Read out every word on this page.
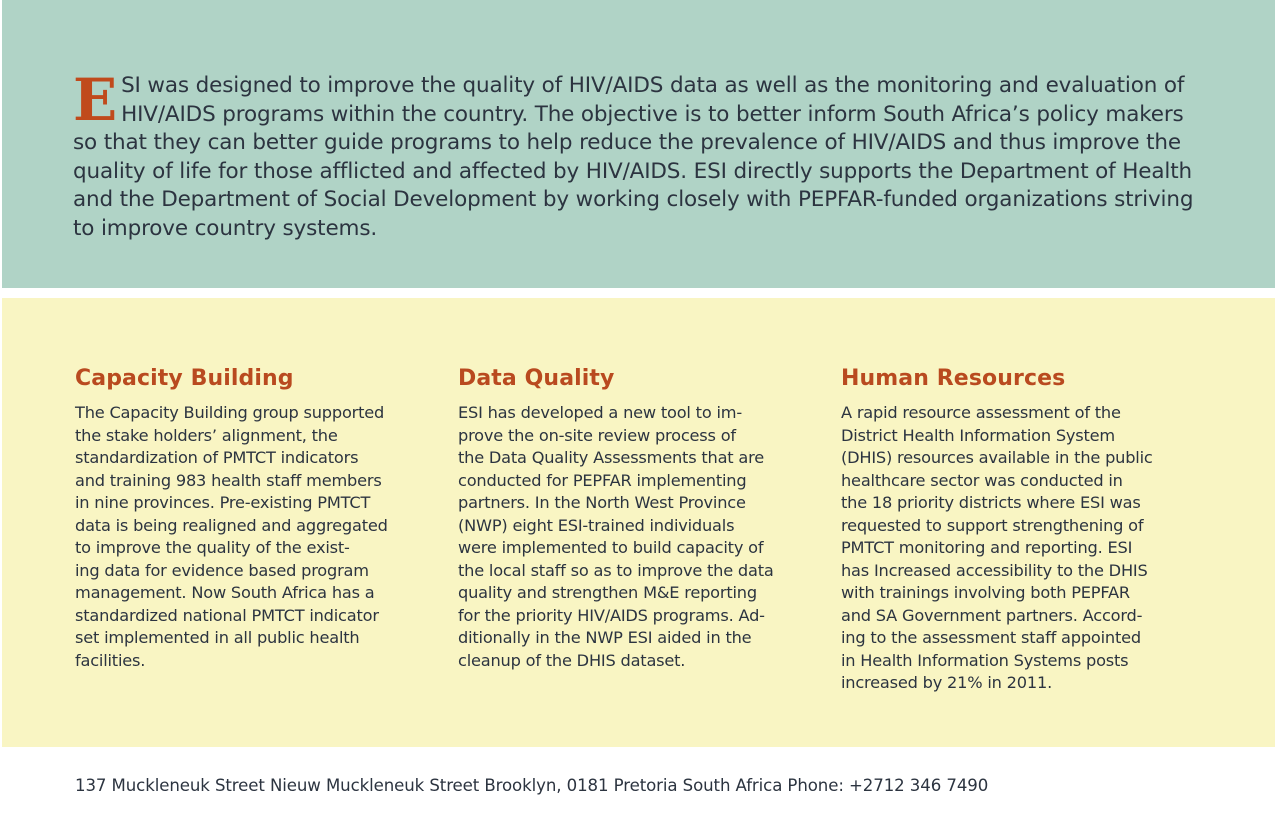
ESI was designed to improve the quality of HIV/AIDS data as well as the monitoring and evaluation of HIV/AIDS programs within the country. The objective is to better inform South Africa’s policy makers so that they can better guide programs to help reduce the prevalence of HIV/AIDS and thus improve the quality of life for those afflicted and affected by HIV/AIDS. ESI directly supports the Department of Health and the Department of Social Development by working closely with PEPFAR-funded organizations striving to improve country systems.
Capacity Building

The Capacity Building group supported
the stake holders’ alignment, the
standardization of PMTCT indicators
and training 983 health staff members
in nine provinces. Pre-existing PMTCT
data is being realigned and aggregated
to improve the quality of the exist-
ing data for evidence based program
management. Now South Africa has a
standardized national PMTCT indicator
set implemented in all public health
facilities.

Data Quality

ESI has developed a new tool to im-
prove the on-site review process of
the Data Quality Assessments that are
conducted for PEPFAR implementing
partners. In the North West Province
(NWP) eight ESI-trained individuals
were implemented to build capacity of
the local staff so as to improve the data
quality and strengthen M&E reporting
for the priority HIV/AIDS programs. Ad-
ditionally in the NWP ESI aided in the
cleanup of the DHIS dataset.

Human Resources

A rapid resource assessment of the
District Health Information System
(DHIS) resources available in the public
healthcare sector was conducted in
the 18 priority districts where ESI was
requested to support strengthening of
PMTCT monitoring and reporting. ESI
has Increased accessibility to the DHIS
with trainings involving both PEPFAR
and SA Government partners. Accord-
ing to the assessment staff appointed
in Health Information Systems posts
increased by 21% in 2011.

137 Muckleneuk Street Nieuw Muckleneuk Street Brooklyn, 0181 Pretoria South Africa Phone: +2712 346 7490
